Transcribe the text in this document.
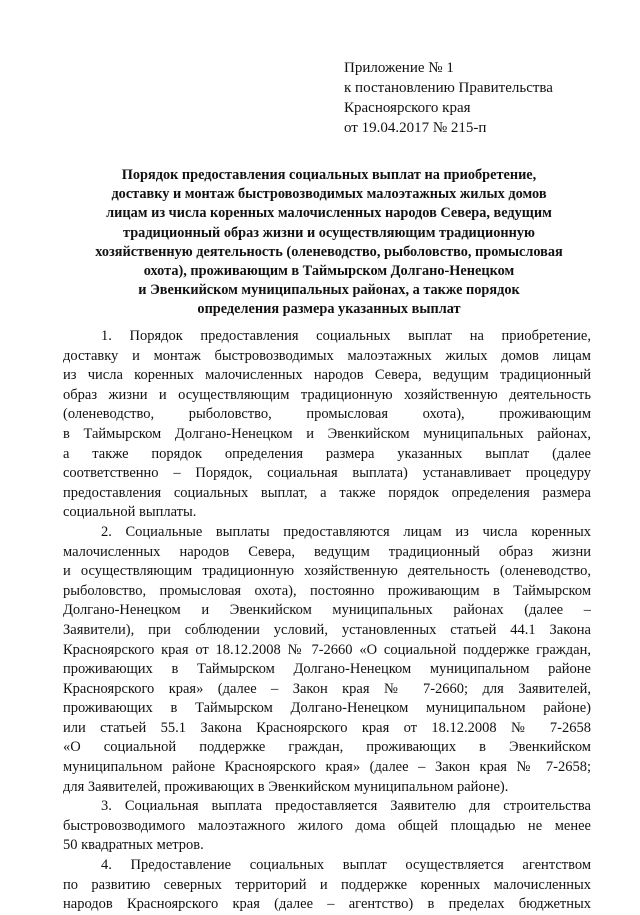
Приложение № 1
к постановлению Правительства
Красноярского края
от 19.04.2017 № 215-п
Порядок предоставления социальных выплат на приобретение,
доставку и монтаж быстровозводимых малоэтажных жилых домов
лицам из числа коренных малочисленных народов Севера, ведущим
традиционный образ жизни и осуществляющим традиционную
хозяйственную деятельность (оленеводство, рыболовство, промысловая
охота), проживающим в Таймырском Долгано-Ненецком
и Эвенкийском муниципальных районах, а также порядок
определения размера указанных выплат
1. Порядок предоставления социальных выплат на приобретение,
доставку и монтаж быстровозводимых малоэтажных жилых домов лицам
из числа коренных малочисленных народов Севера, ведущим традиционный
образ жизни и осуществляющим традиционную хозяйственную деятельность
(оленеводство, рыболовство, промысловая охота), проживающим
в Таймырском Долгано-Ненецком и Эвенкийском муниципальных районах,
а также порядок определения размера указанных выплат (далее
соответственно – Порядок, социальная выплата) устанавливает процедуру
предоставления социальных выплат, а также порядок определения размера
социальной выплаты.
2. Социальные выплаты предоставляются лицам из числа коренных
малочисленных народов Севера, ведущим традиционный образ жизни
и осуществляющим традиционную хозяйственную деятельность (оленеводство,
рыболовство, промысловая охота), постоянно проживающим в Таймырском
Долгано-Ненецком и Эвенкийском муниципальных районах (далее –
Заявители), при соблюдении условий, установленных статьей 44.1 Закона
Красноярского края от 18.12.2008 № 7-2660 «О социальной поддержке граждан,
проживающих в Таймырском Долгано-Ненецком муниципальном районе
Красноярского края» (далее – Закон края № 7-2660; для Заявителей,
проживающих в Таймырском Долгано-Ненецком муниципальном районе)
или статьей 55.1 Закона Красноярского края от 18.12.2008 № 7-2658
«О социальной поддержке граждан, проживающих в Эвенкийском
муниципальном районе Красноярского края» (далее – Закон края № 7-2658;
для Заявителей, проживающих в Эвенкийском муниципальном районе).
3. Социальная выплата предоставляется Заявителю для строительства
быстровозводимого малоэтажного жилого дома общей площадью не менее
50 квадратных метров.
4. Предоставление социальных выплат осуществляется агентством
по развитию северных территорий и поддержке коренных малочисленных
народов Красноярского края (далее – агентство) в пределах бюджетных
